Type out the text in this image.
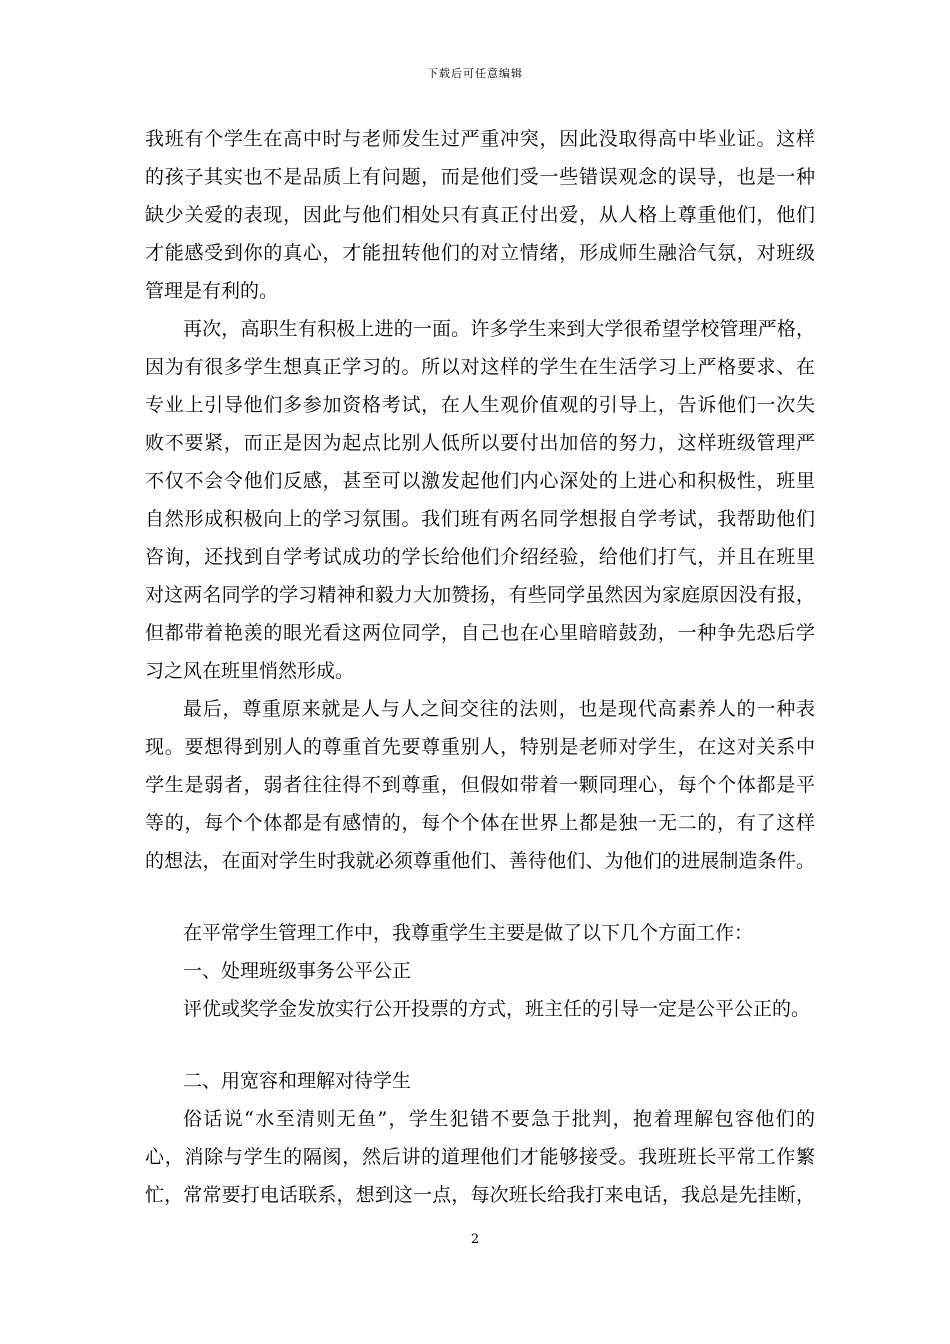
下载后可任意编辑
我班有个学生在高中时与老师发生过严重冲突，因此没取得高中毕业证。这样
的孩子其实也不是品质上有问题，而是他们受一些错误观念的误导，也是一种
缺少关爱的表现，因此与他们相处只有真正付出爱，从人格上尊重他们，他们
才能感受到你的真心，才能扭转他们的对立情绪，形成师生融洽气氛，对班级
管理是有利的。
再次，高职生有积极上进的一面。许多学生来到大学很希望学校管理严格，
因为有很多学生想真正学习的。所以对这样的学生在生活学习上严格要求、在
专业上引导他们多参加资格考试，在人生观价值观的引导上，告诉他们一次失
败不要紧，而正是因为起点比别人低所以要付出加倍的努力，这样班级管理严
不仅不会令他们反感，甚至可以激发起他们内心深处的上进心和积极性，班里
自然形成积极向上的学习氛围。我们班有两名同学想报自学考试，我帮助他们
咨询，还找到自学考试成功的学长给他们介绍经验，给他们打气，并且在班里
对这两名同学的学习精神和毅力大加赞扬，有些同学虽然因为家庭原因没有报，
但都带着艳羡的眼光看这两位同学，自己也在心里暗暗鼓劲，一种争先恐后学
习之风在班里悄然形成。
最后，尊重原来就是人与人之间交往的法则，也是现代高素养人的一种表
现。要想得到别人的尊重首先要尊重别人，特别是老师对学生，在这对关系中
学生是弱者，弱者往往得不到尊重，但假如带着一颗同理心，每个个体都是平
等的，每个个体都是有感情的，每个个体在世界上都是独一无二的，有了这样
的想法，在面对学生时我就必须尊重他们、善待他们、为他们的进展制造条件。
在平常学生管理工作中，我尊重学生主要是做了以下几个方面工作：
一、处理班级事务公平公正
评优或奖学金发放实行公开投票的方式，班主任的引导一定是公平公正的。
二、用宽容和理解对待学生
俗话说“水至清则无鱼”，学生犯错不要急于批判，抱着理解包容他们的
心，消除与学生的隔阂，然后讲的道理他们才能够接受。我班班长平常工作繁
忙，常常要打电话联系，想到这一点，每次班长给我打来电话，我总是先挂断，
2
